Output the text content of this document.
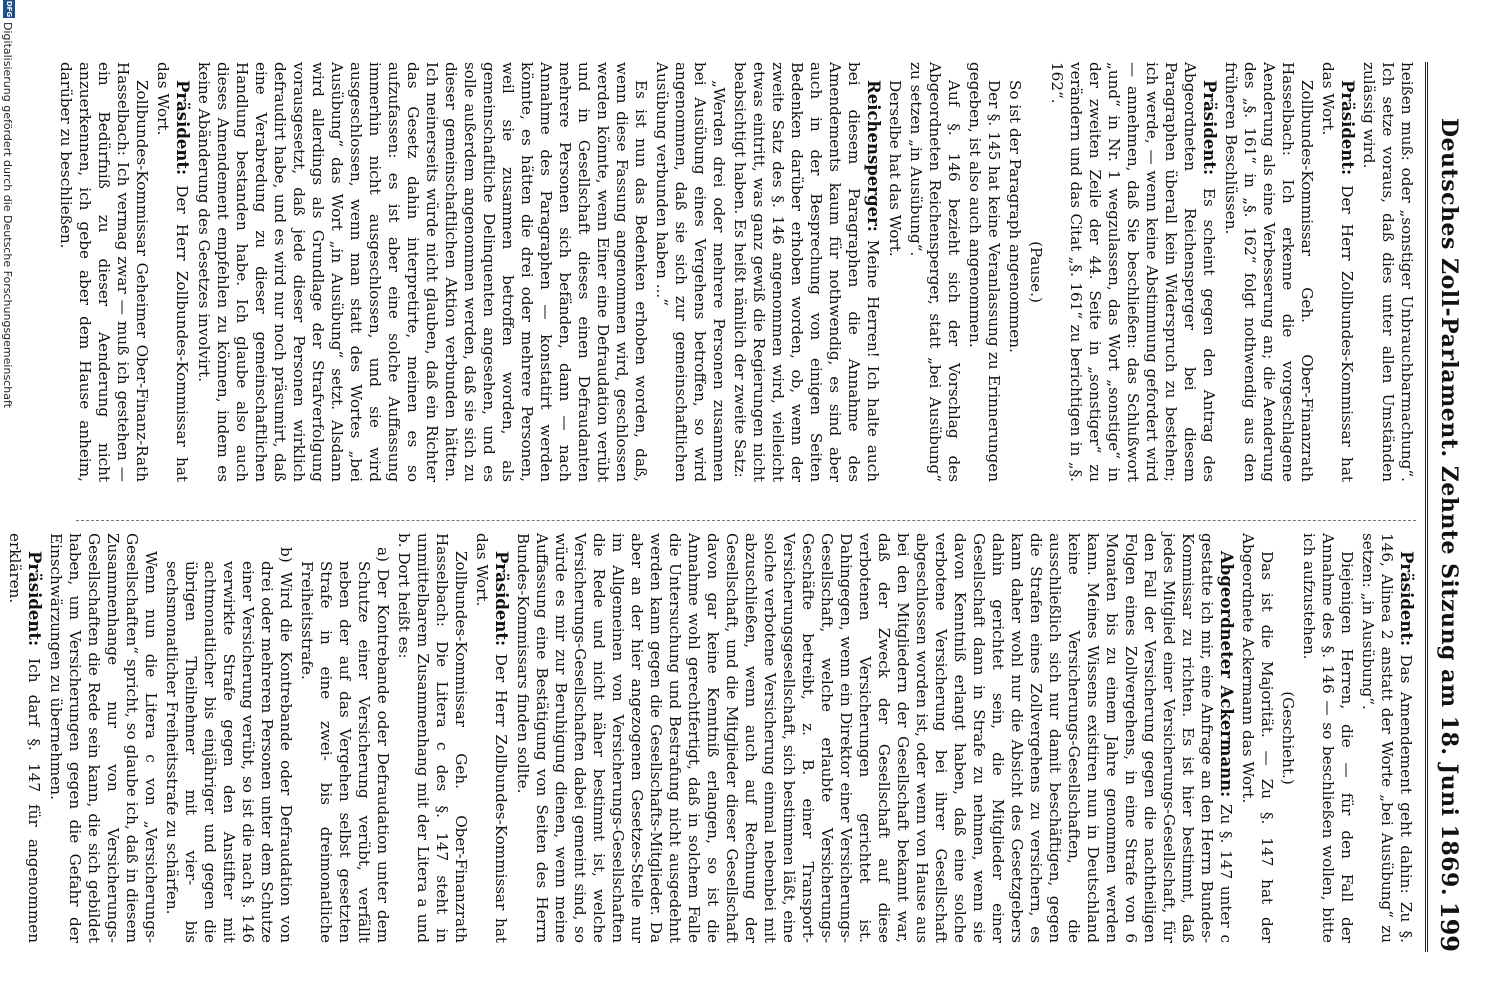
Deutsches Zoll-Parlament. Zehnte Sitzung am 18. Juni 1869.
199

heißen muß: oder „sonstiger Unbrauchbarmachung“. Ich setze voraus, daß dies unter allen Umständen zulässig wird.

Präsident: Der Herr Zollbundes-Kommissar hat das Wort.

Zollbundes-Kommissar Geh. Ober-Finanzrath Hasselbach: Ich erkenne die vorgeschlagene Aenderung als eine Verbesserung an; die Aenderung des „§. 161“ in „§. 162“ folgt nothwendig aus den früheren Beschlüssen.

Präsident: Es scheint gegen den Antrag des Abgeordneten Reichensperger bei diesem Paragraphen überall kein Widerspruch zu bestehen; ich werde, — wenn keine Abstimmung gefordert wird — annehmen, daß Sie beschließen: das Schlußwort „und“ in Nr. 1 wegzulassen, das Wort „sonstige“ in der zweiten Zeile der 44. Seite in „sonstiger“ zu verändern und das Citat „§. 161“ zu berichtigen in „§. 162“.

(Pause.)

So ist der Paragraph angenommen.

Der §. 145 hat keine Veranlassung zu Erinnerungen gegeben, ist also auch angenommen.

Auf §. 146 bezieht sich der Vorschlag des Abgeordneten Reichensperger, statt „bei Ausübung“ zu setzen „in Ausübung“.

Derselbe hat das Wort.

Reichensperger: Meine Herren! Ich halte auch bei diesem Paragraphen die Annahme des Amendements kaum für nothwendig, es sind aber auch in der Besprechung von einigen Seiten Bedenken darüber erhoben worden, ob, wenn der zweite Satz des §. 146 angenommen wird, vielleicht etwas eintritt, was ganz gewiß die Regierungen nicht beabsichtigt haben. Es heißt nämlich der zweite Satz:

„Werden drei oder mehrere Personen zusammen bei Ausübung eines Vergehens betroffen, so wird angenommen, daß sie sich zur gemeinschaftlichen Ausübung verbunden haben ...“

Es ist nun das Bedenken erhoben worden, daß, wenn diese Fassung angenommen wird, geschlossen werden könnte, wenn Einer eine Defraudation verübt und in Gesellschaft dieses einen Defraudanten mehrere Personen sich befänden, dann — nach Annahme des Paragraphen — konstatirt werden könnte, es hätten die drei oder mehrere Personen, weil sie zusammen betroffen worden, als gemeinschaftliche Delinquenten angesehen, und es solle außerdem angenommen werden, daß sie sich zu dieser gemeinschaftlichen Aktion verbunden hätten. Ich meinerseits würde nicht glauben, daß ein Richter das Gesetz dahin interpretirte, meinen es so aufzufassen: es ist aber eine solche Auffassung immerhin nicht ausgeschlossen, und sie wird ausgeschlossen, wenn man statt des Wortes „bei Ausübung“ das Wort „in Ausübung“ setzt. Alsdann wird allerdings als Grundlage der Strafverfolgung vorausgesetzt, daß jede dieser Personen wirklich defraudirt habe, und es wird nur noch präsumirt, daß eine Verabredung zu dieser gemeinschaftlichen Handlung bestanden habe. Ich glaube also auch dieses Amendement empfehlen zu können, indem es keine Abänderung des Gesetzes involvirt.

Präsident: Der Herr Zollbundes-Kommissar hat das Wort.

Zollbundes-Kommissar Geheimer Ober-Finanz-Rath Hasselbach: Ich vermag zwar — muß ich gestehen — ein Bedürfniß zu dieser Aenderung nicht anzuerkennen, ich gebe aber dem Hause anheim, darüber zu beschließen.

Präsident: Das Amendement geht dahin: Zu §. 146, Alinea 2 anstatt der Worte „bei Ausübung“ zu setzen: „in Ausübung“.

Diejenigen Herren, die — für den Fall der Annahme des §. 146 — so beschließen wollen, bitte ich aufzustehen.

(Geschieht.)

Das ist die Majorität. — Zu §. 147 hat der Abgeordnete Ackermann das Wort.

Abgeordneter Ackermann: Zu §. 147 unter c gestatte ich mir, eine Anfrage an den Herrn Bundes-Kommissar zu richten. Es ist hier bestimmt, daß jedes Mitglied einer Versicherungs-Gesellschaft, für den Fall der Versicherung gegen die nachtheiligen Folgen eines Zollvergehens, in eine Strafe von 6 Monaten bis zu einem Jahre genommen werden kann. Meines Wissens existiren nun in Deutschland keine Versicherungs-Gesellschaften, die ausschließlich sich nur damit beschäftigen, gegen die Strafen eines Zollvergehens zu versichern, es kann daher wohl nur die Absicht des Gesetzgebers dahin gerichtet sein, die Mitglieder einer Gesellschaft dann in Strafe zu nehmen, wenn sie davon Kenntniß erlangt haben, daß eine solche verbotene Versicherung bei ihrer Gesellschaft abgeschlossen worden ist, oder wenn von Hause aus bei den Mitgliedern der Gesellschaft bekannt war, daß der Zweck der Gesellschaft auf diese verbotenen Versicherungen gerichtet ist. Dahingegen, wenn ein Direktor einer Versicherungs-Gesellschaft, welche erlaubte Versicherungs-Geschäfte betreibt, z. B. einer Transport-Versicherungsgesellschaft, sich bestimmen läßt, eine solche verbotene Versicherung einmal nebenbei mit abzuschließen, wenn auch auf Rechnung der Gesellschaft, und die Mitglieder dieser Gesellschaft davon gar keine Kenntniß erlangen, so ist die Annahme wohl gerechtfertigt, daß in solchem Falle die Untersuchung und Bestrafung nicht ausgedehnt werden kann gegen die Gesellschafts-Mitglieder. Da aber an der hier angezogenen Gesetzes-Stelle nur im Allgemeinen von Versicherungs-Gesellschaften die Rede und nicht näher bestimmt ist, welche Versicherungs-Gesellschaften dabei gemeint sind, so würde es mir zur Beruhigung dienen, wenn meine Auffassung eine Bestätigung von Seiten des Herrn Bundes-Kommissars finden sollte.

Präsident: Der Herr Zollbundes-Kommissar hat das Wort.

Zollbundes-Kommissar Geh. Ober-Finanzrath Hasselbach: Die Litera c des §. 147 steht in unmittelbarem Zusammenhang mit der Litera a und b. Dort heißt es:

a) Der Kontrebande oder Defraudation unter dem Schutze einer Versicherung verübt, verfällt neben der auf das Vergehen selbst gesetzten Strafe in eine zwei- bis dreimonatliche Freiheitsstrafe.

b) Wird die Kontrebande oder Defraudation von drei oder mehreren Personen unter dem Schutze einer Versicherung verübt, so ist die nach §. 146 verwirkte Strafe gegen den Anstifter mit achtmonatlicher bis einjähriger und gegen die übrigen Theilnehmer mit vier- bis sechsmonatlicher Freiheitsstrafe zu schärfen.

Wenn nun die Litera c von „Versicherungs-Gesellschaften“ spricht, so glaube ich, daß in diesem Zusammenhange nur von Versicherungs-Gesellschaften die Rede sein kann, die sich gebildet haben, um Versicherungen gegen die Gefahr der Einschwärzungen zu übernehmen.

Präsident: Ich darf §. 147 für angenommen erklären.

DFG
Digitalisierung gefördert durch die Deutsche Forschungsgemeinschaft
